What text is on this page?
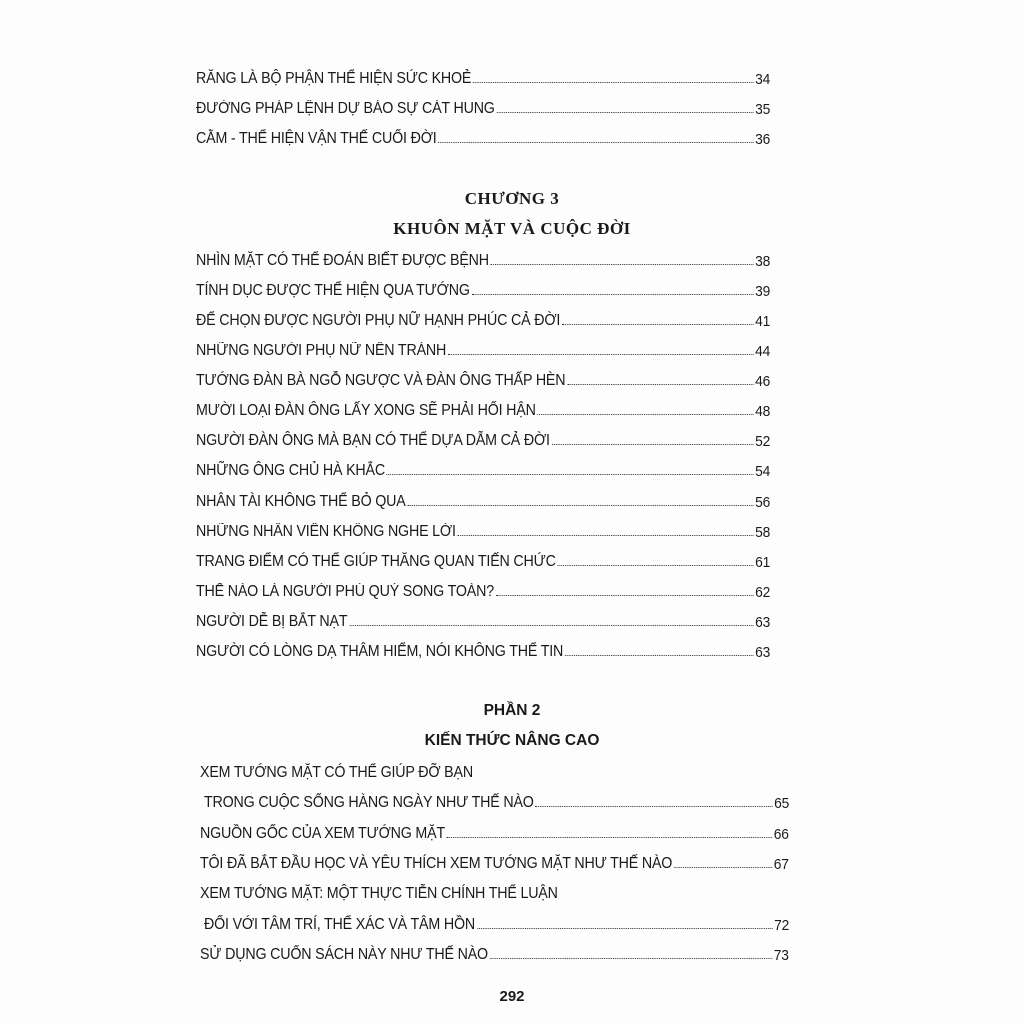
RĂNG LÀ BỘ PHẬN THỂ HIỆN SỨC KHOẺ	34
ĐƯỜNG PHÁP LỆNH DỰ BÁO SỰ CÁT HUNG	35
CẰM - THỂ HIỆN VẬN THẾ CUỐI ĐỜI	36
CHƯƠNG 3
KHUÔN MẶT VÀ CUỘC ĐỜI
NHÌN MẶT CÓ THỂ ĐOÁN BIẾT ĐƯỢC BỆNH	38
TÍNH DỤC ĐƯỢC THỂ HIỆN QUA TƯỚNG	39
ĐỂ CHỌN ĐƯỢC NGƯỜI PHỤ NỮ HẠNH PHÚC CẢ ĐỜI	41
NHỮNG NGƯỜI PHỤ NỮ NÊN TRÁNH	44
TƯỚNG ĐÀN BÀ NGỖ NGƯỢC VÀ ĐÀN ÔNG THẤP HÈN	46
MƯỜI LOẠI ĐÀN ÔNG LẤY XONG SẼ PHẢI HỐI HẬN	48
NGƯỜI ĐÀN ÔNG MÀ BẠN CÓ THỂ DỰA DẪM CẢ ĐỜI	52
NHỮNG ÔNG CHỦ HÀ KHẮC	54
NHÂN TÀI KHÔNG THỂ BỎ QUA	56
NHỮNG NHÂN VIÊN KHÔNG NGHE LỜI	58
TRANG ĐIỂM CÓ THỂ GIÚP THĂNG QUAN TIẾN CHỨC	61
THẾ NÀO LÀ NGƯỜI PHÚ QUÝ SONG TOÀN?	62
NGƯỜI DỄ BỊ BẮT NẠT	63
NGƯỜI CÓ LÒNG DẠ THÂM HIỂM, NÓI KHÔNG THỂ TIN	63
PHẦN 2
KIẾN THỨC NÂNG CAO
XEM TƯỚNG MẶT CÓ THỂ GIÚP ĐỠ BẠN
TRONG CUỘC SỐNG HÀNG NGÀY NHƯ THẾ NÀO	65
NGUỒN GỐC CỦA XEM TƯỚNG MẶT	66
TÔI ĐÃ BẮT ĐẦU HỌC VÀ YÊU THÍCH XEM TƯỚNG MẶT NHƯ THẾ NÀO	67
XEM TƯỚNG MẶT: MỘT THỰC TIỄN CHÍNH THỂ LUẬN
ĐỐI VỚI TÂM TRÍ, THỂ XÁC VÀ TÂM HỒN	72
SỬ DỤNG CUỐN SÁCH NÀY NHƯ THẾ NÀO	73
292
